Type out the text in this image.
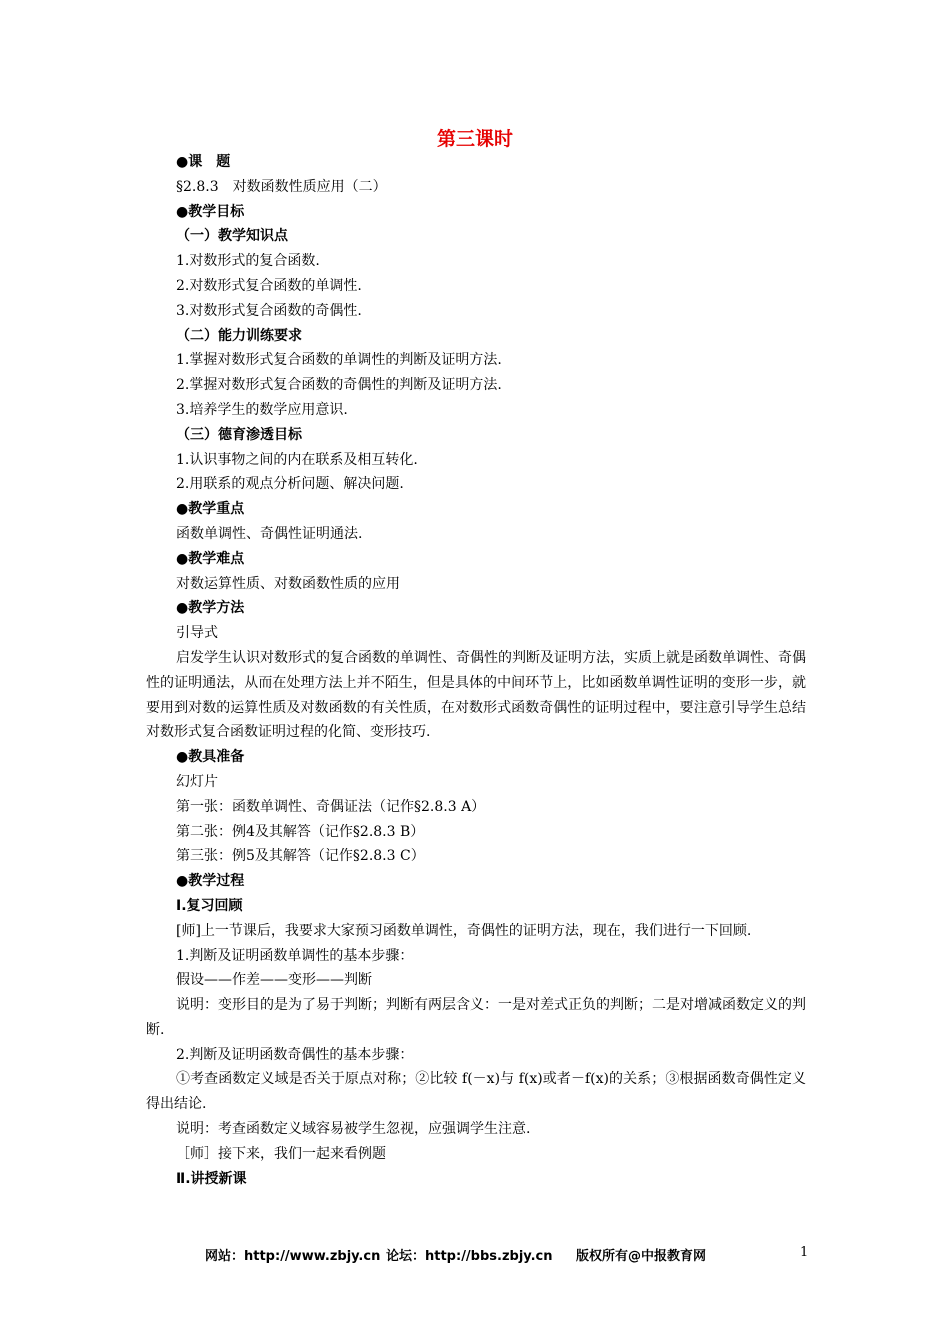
第三课时

●课　题

§2.8.3　对数函数性质应用（二）

●教学目标

（一）教学知识点

1.对数形式的复合函数.

2.对数形式复合函数的单调性.

3.对数形式复合函数的奇偶性.

（二）能力训练要求

1.掌握对数形式复合函数的单调性的判断及证明方法.

2.掌握对数形式复合函数的奇偶性的判断及证明方法.

3.培养学生的数学应用意识.

（三）德育渗透目标

1.认识事物之间的内在联系及相互转化.

2.用联系的观点分析问题、解决问题.

●教学重点

函数单调性、奇偶性证明通法.

●教学难点

对数运算性质、对数函数性质的应用

●教学方法

引导式

启发学生认识对数形式的复合函数的单调性、奇偶性的判断及证明方法，实质上就是函数单调性、奇偶性的证明通法，从而在处理方法上并不陌生，但是具体的中间环节上，比如函数单调性证明的变形一步，就要用到对数的运算性质及对数函数的有关性质，在对数形式函数奇偶性的证明过程中，要注意引导学生总结对数形式复合函数证明过程的化简、变形技巧.

●教具准备

幻灯片

第一张：函数单调性、奇偶证法（记作§2.8.3 A）

第二张：例4及其解答（记作§2.8.3 B）

第三张：例5及其解答（记作§2.8.3 C）

●教学过程

Ⅰ.复习回顾

[师]上一节课后，我要求大家预习函数单调性，奇偶性的证明方法，现在，我们进行一下回顾.

1.判断及证明函数单调性的基本步骤：

假设——作差——变形——判断

说明：变形目的是为了易于判断；判断有两层含义：一是对差式正负的判断；二是对增减函数定义的判断.

2.判断及证明函数奇偶性的基本步骤：

①考查函数定义域是否关于原点对称；②比较 f(－x)与 f(x)或者－f(x)的关系；③根据函数奇偶性定义得出结论.

说明：考查函数定义域容易被学生忽视，应强调学生注意.

［师］接下来，我们一起来看例题

Ⅱ.讲授新课

网站：http://www.zbjy.cn 论坛：http://bbs.zbjy.cn 版权所有@中报教育网	1
